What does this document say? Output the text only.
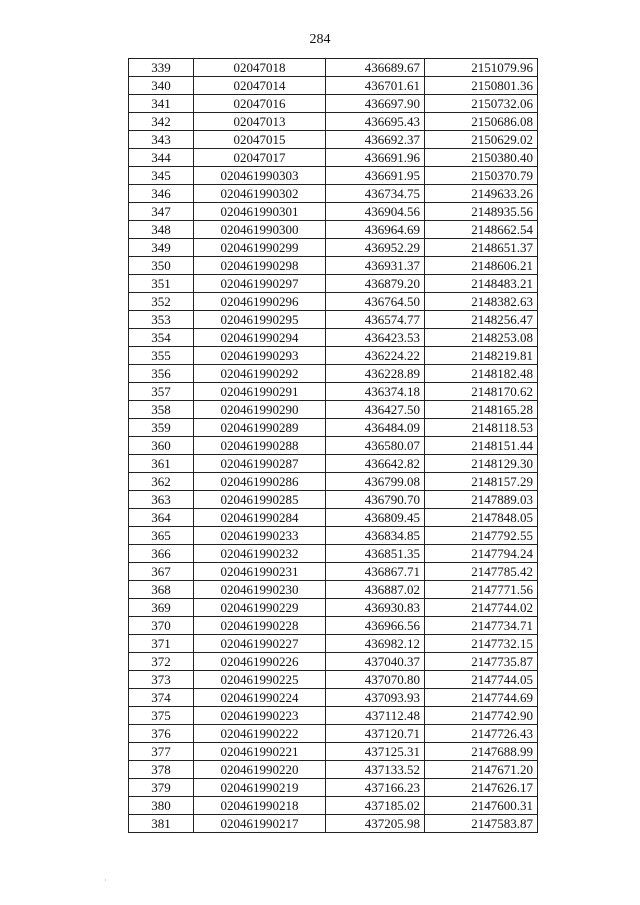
284
339	02047018	436689.67	2151079.96
340	02047014	436701.61	2150801.36
341	02047016	436697.90	2150732.06
342	02047013	436695.43	2150686.08
343	02047015	436692.37	2150629.02
344	02047017	436691.96	2150380.40
345	020461990303	436691.95	2150370.79
346	020461990302	436734.75	2149633.26
347	020461990301	436904.56	2148935.56
348	020461990300	436964.69	2148662.54
349	020461990299	436952.29	2148651.37
350	020461990298	436931.37	2148606.21
351	020461990297	436879.20	2148483.21
352	020461990296	436764.50	2148382.63
353	020461990295	436574.77	2148256.47
354	020461990294	436423.53	2148253.08
355	020461990293	436224.22	2148219.81
356	020461990292	436228.89	2148182.48
357	020461990291	436374.18	2148170.62
358	020461990290	436427.50	2148165.28
359	020461990289	436484.09	2148118.53
360	020461990288	436580.07	2148151.44
361	020461990287	436642.82	2148129.30
362	020461990286	436799.08	2148157.29
363	020461990285	436790.70	2147889.03
364	020461990284	436809.45	2147848.05
365	020461990233	436834.85	2147792.55
366	020461990232	436851.35	2147794.24
367	020461990231	436867.71	2147785.42
368	020461990230	436887.02	2147771.56
369	020461990229	436930.83	2147744.02
370	020461990228	436966.56	2147734.71
371	020461990227	436982.12	2147732.15
372	020461990226	437040.37	2147735.87
373	020461990225	437070.80	2147744.05
374	020461990224	437093.93	2147744.69
375	020461990223	437112.48	2147742.90
376	020461990222	437120.71	2147726.43
377	020461990221	437125.31	2147688.99
378	020461990220	437133.52	2147671.20
379	020461990219	437166.23	2147626.17
380	020461990218	437185.02	2147600.31
381	020461990217	437205.98	2147583.87
·
